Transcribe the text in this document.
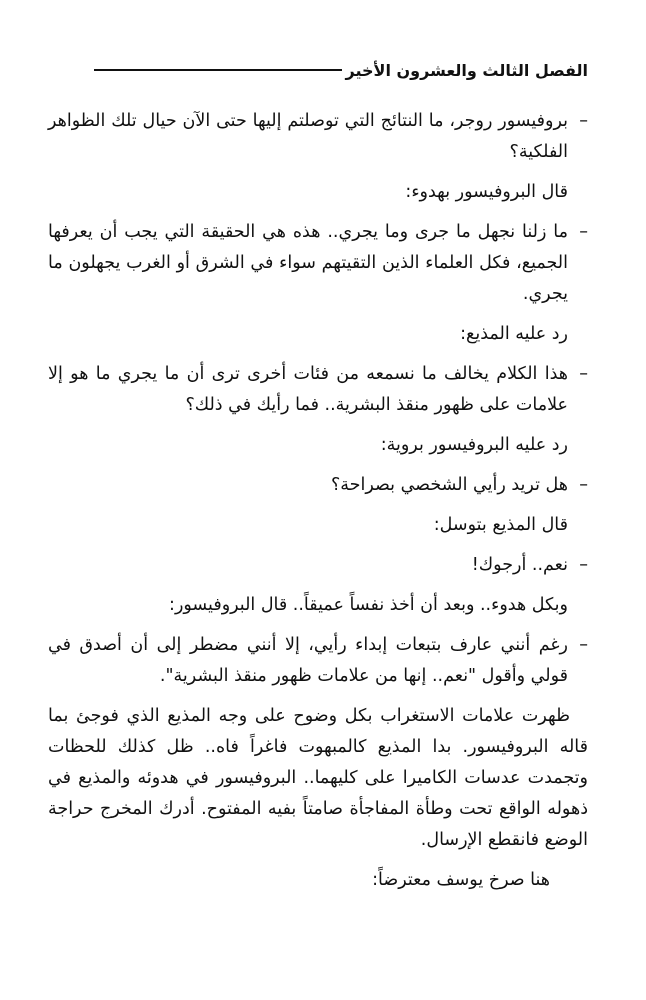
الفصل الثالث والعشرون الأخير
–
بروفيسور روجر، ما النتائج التي توصلتم إليها حتى الآن حيال تلك الظواهر الفلكية؟
قال البروفيسور بهدوء:
–
ما زلنا نجهل ما جرى وما يجري.. هذه هي الحقيقة التي يجب أن يعرفها الجميع، فكل العلماء الذين التقيتهم سواء في الشرق أو الغرب يجهلون ما يجري.
رد عليه المذيع:
–
هذا الكلام يخالف ما نسمعه من فئات أخرى ترى أن ما يجري ما هو إلا علامات على ظهور منقذ البشرية.. فما رأيك في ذلك؟
رد عليه البروفيسور بروية:
–
هل تريد رأيي الشخصي بصراحة؟
قال المذيع بتوسل:
–
نعم.. أرجوك!
وبكل هدوء.. وبعد أن أخذ نفساً عميقاً.. قال البروفيسور:
–
رغم أنني عارف بتبعات إبداء رأيي، إلا أنني مضطر إلى أن أصدق في قولي وأقول "نعم.. إنها من علامات ظهور منقذ البشرية".
ظهرت علامات الاستغراب بكل وضوح على وجه المذيع الذي فوجئ بما قاله البروفيسور. بدا المذيع كالمبهوت فاغراً فاه.. ظل كذلك للحظات وتجمدت عدسات الكاميرا على كليهما.. البروفيسور في هدوئه والمذيع في ذهوله الواقع تحت وطأة المفاجأة صامتاً بفيه المفتوح. أدرك المخرج حراجة الوضع فانقطع الإرسال.
هنا صرخ يوسف معترضاً:
